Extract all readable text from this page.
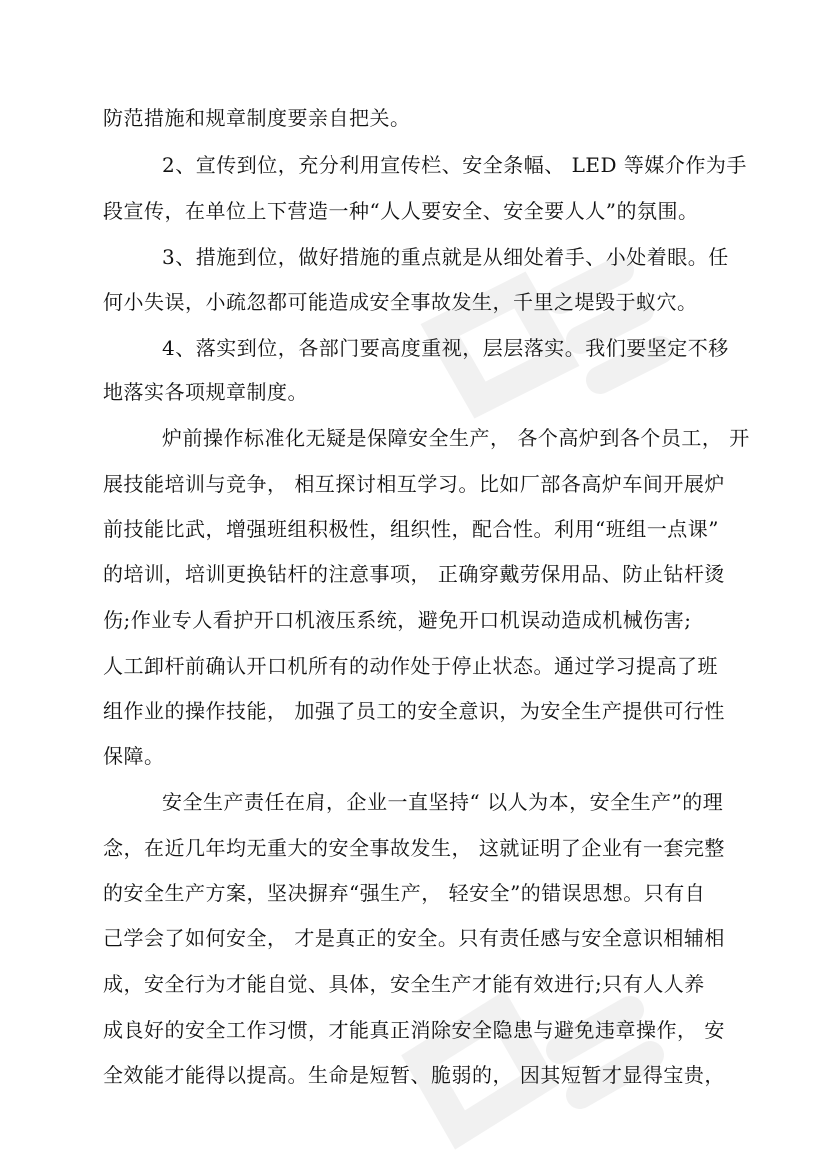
防范措施和规章制度要亲自把关。
2、宣传到位，充分利用宣传栏、安全条幅、 LED 等媒介作为手
段宣传，在单位上下营造一种“人人要安全、安全要人人”的氛围。
3、措施到位，做好措施的重点就是从细处着手、小处着眼。任
何小失误，小疏忽都可能造成安全事故发生，千里之堤毁于蚁穴。
4、落实到位，各部门要高度重视，层层落实。我们要坚定不移
地落实各项规章制度。
炉前操作标准化无疑是保障安全生产， 各个高炉到各个员工， 开
展技能培训与竞争， 相互探讨相互学习。比如厂部各高炉车间开展炉
前技能比武，增强班组积极性，组织性，配合性。利用“班组一点课”
的培训，培训更换钻杆的注意事项， 正确穿戴劳保用品、防止钻杆烫
伤;作业专人看护开口机液压系统，避免开口机误动造成机械伤害;
人工卸杆前确认开口机所有的动作处于停止状态。通过学习提高了班
组作业的操作技能， 加强了员工的安全意识，为安全生产提供可行性
保障。
安全生产责任在肩，企业一直坚持“ 以人为本，安全生产”的理
念，在近几年均无重大的安全事故发生， 这就证明了企业有一套完整
的安全生产方案，坚决摒弃“强生产， 轻安全”的错误思想。只有自
己学会了如何安全， 才是真正的安全。只有责任感与安全意识相辅相
成，安全行为才能自觉、具体，安全生产才能有效进行;只有人人养
成良好的安全工作习惯，才能真正消除安全隐患与避免违章操作， 安
全效能才能得以提高。生命是短暂、脆弱的， 因其短暂才显得宝贵，
